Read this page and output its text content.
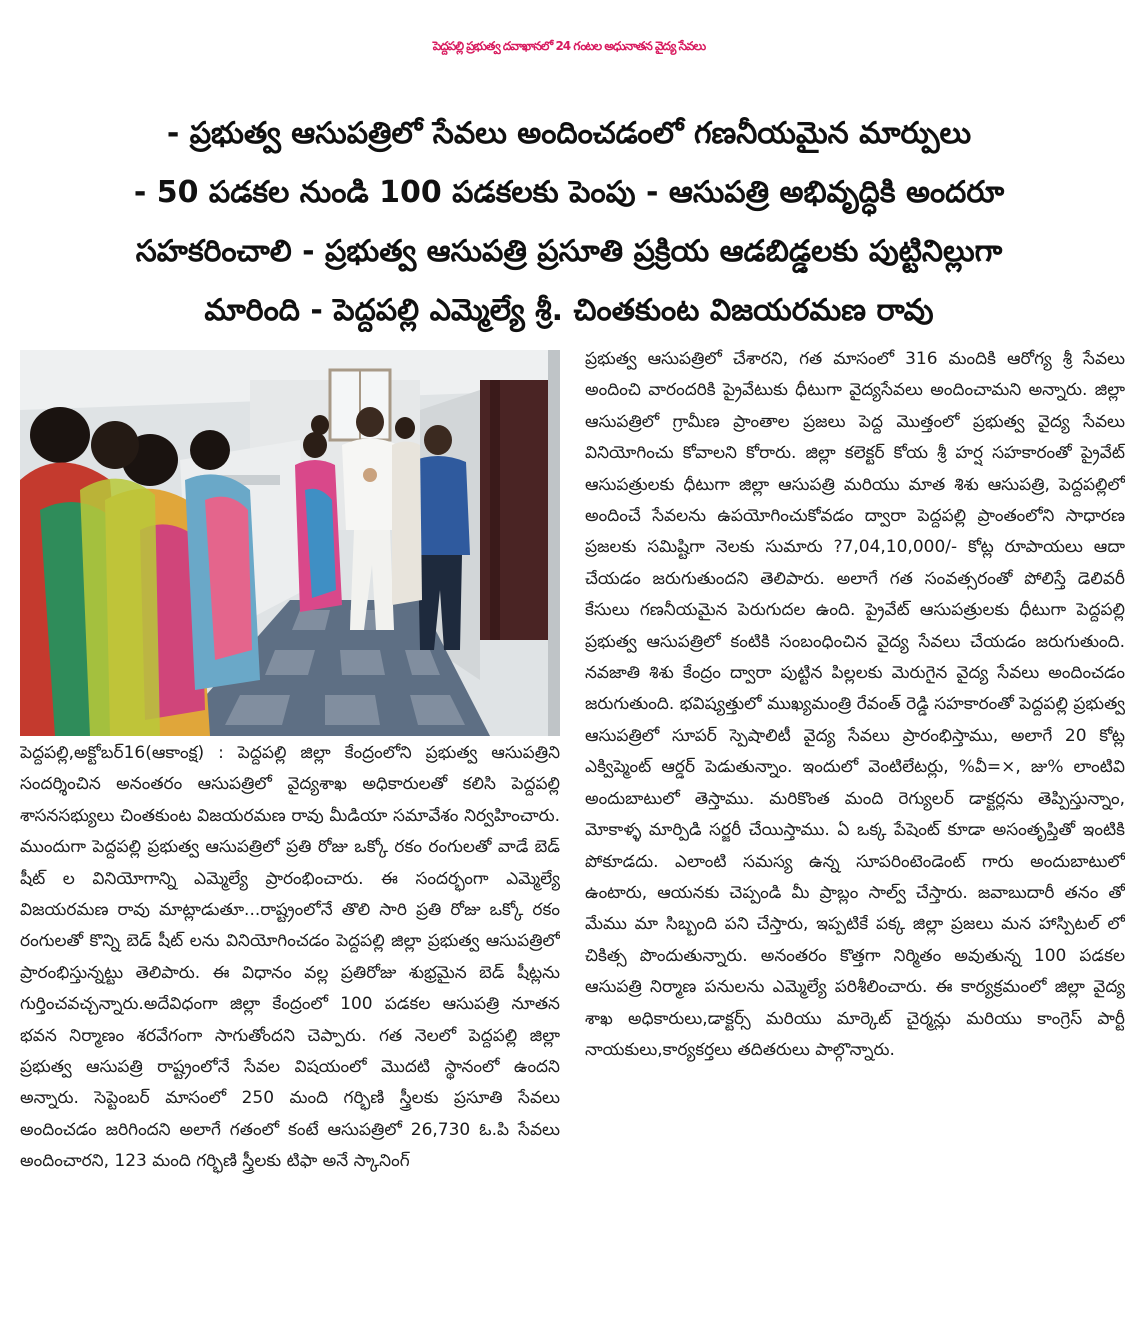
పెద్దపల్లి ప్రభుత్వ దవాఖానలో 24 గంటల అధునాతన వైద్య సేవలు
- ప్రభుత్వ ఆసుపత్రిలో సేవలు అందించడంలో గణనీయమైన మార్పులు
- 50 పడకల నుండి 100 పడకలకు పెంపు - ఆసుపత్రి అభివృద్ధికి అందరూ
సహకరించాలి - ప్రభుత్వ ఆసుపత్రి ప్రసూతి ప్రక్రియ ఆడబిడ్డలకు పుట్టినిల్లుగా
మారింది - పెద్దపల్లి ఎమ్మెల్యే శ్రీ. చింతకుంట విజయరమణ రావు

పెద్దపల్లి,అక్టోబర్16(ఆకాంక్ష) : పెద్దపల్లి జిల్లా కేంద్రంలోని ప్రభుత్వ ఆసుపత్రిని సందర్శించిన అనంతరం ఆసుపత్రిలో వైద్యశాఖ అధికారులతో కలిసి పెద్దపల్లి శాసనసభ్యులు చింతకుంట విజయరమణ రావు మీడియా సమావేశం నిర్వహించారు. ముందుగా పెద్దపల్లి ప్రభుత్వ ఆసుపత్రిలో ప్రతి రోజు ఒక్కో రకం రంగులతో వాడే బెడ్ షీట్ ల వినియోగాన్ని ఎమ్మెల్యే ప్రారంభించారు. ఈ సందర్భంగా ఎమ్మెల్యే విజయరమణ రావు మాట్లాడుతూ...రాష్ట్రంలోనే తొలి సారి ప్రతి రోజు ఒక్కో రకం రంగులతో కొన్ని బెడ్ షీట్ లను వినియోగించడం పెద్దపల్లి జిల్లా ప్రభుత్వ ఆసుపత్రిలో ప్రారంభిస్తున్నట్టు తెలిపారు. ఈ విధానం వల్ల ప్రతిరోజు శుభ్రమైన బెడ్ షీట్లను గుర్తించవచ్చన్నారు.అదేవిధంగా జిల్లా కేంద్రంలో 100 పడకల ఆసుపత్రి నూతన భవన నిర్మాణం శరవేగంగా సాగుతోందని చెప్పారు. గత నెలలో పెద్దపల్లి జిల్లా ప్రభుత్వ ఆసుపత్రి రాష్ట్రంలోనే సేవల విషయంలో మొదటి స్థానంలో ఉందని అన్నారు. సెప్టెంబర్ మాసంలో 250 మంది గర్భిణి స్త్రీలకు ప్రసూతి సేవలు అందించడం జరిగిందని అలాగే గతంలో కంటే ఆసుపత్రిలో 26,730 ఓ.పి సేవలు అందించారని, 123 మంది గర్భిణి స్త్రీలకు టిఫా అనే స్కానింగ్

ప్రభుత్వ ఆసుపత్రిలో చేశారని, గత మాసంలో 316 మందికి ఆరోగ్య శ్రీ సేవలు అందించి వారందరికి ప్రైవేటుకు ధీటుగా వైద్యసేవలు అందించామని అన్నారు. జిల్లా ఆసుపత్రిలో గ్రామీణ ప్రాంతాల ప్రజలు పెద్ద మొత్తంలో ప్రభుత్వ వైద్య సేవలు వినియోగించు కోవాలని కోరారు. జిల్లా కలెక్టర్ కోయ శ్రీ హర్ష సహకారంతో ప్రైవేట్ ఆసుపత్రులకు ధీటుగా జిల్లా ఆసుపత్రి మరియు మాత శిశు ఆసుపత్రి, పెద్దపల్లిలో అందించే సేవలను ఉపయోగించుకోవడం ద్వారా పెద్దపల్లి ప్రాంతంలోని సాధారణ ప్రజలకు సమిష్టిగా నెలకు సుమారు ?7,04,10,000/- కోట్ల రూపాయలు ఆదా చేయడం జరుగుతుందని తెలిపారు. అలాగే గత సంవత్సరంతో పోలిస్తే డెలివరీ కేసులు గణనీయమైన పెరుగుదల ఉంది. ప్రైవేట్ ఆసుపత్రులకు ధీటుగా పెద్దపల్లి ప్రభుత్వ ఆసుపత్రిలో కంటికి సంబంధించిన వైద్య సేవలు చేయడం జరుగుతుంది. నవజాతి శిశు కేంద్రం ద్వారా పుట్టిన పిల్లలకు మెరుగైన వైద్య సేవలు అందించడం జరుగుతుంది. భవిష్యత్తులో ముఖ్యమంత్రి రేవంత్ రెడ్డి సహకారంతో పెద్దపల్లి ప్రభుత్వ ఆసుపత్రిలో సూపర్ స్పెషాలిటీ వైద్య సేవలు ప్రారంభిస్తాము, అలాగే 20 కోట్ల ఎక్విప్మెంట్ ఆర్డర్ పెడుతున్నాం. ఇందులో వెంటిలేటర్లు, %వీ=×, జు% లాంటివి అందుబాటులో తెస్తాము. మరికొంత మంది రెగ్యులర్ డాక్టర్లను తెప్పిస్తున్నాం, మోకాళ్ళ మార్పిడి సర్జరీ చేయిస్తాము. ఏ ఒక్క పేషెంట్ కూడా అసంతృప్తితో ఇంటికి పోకూడదు. ఎలాంటి సమస్య ఉన్న సూపరింటెండెంట్ గారు అందుబాటులో ఉంటారు, ఆయనకు చెప్పండి మీ ప్రాబ్లం సాల్వ్ చేస్తారు. జవాబుదారీ తనం తో మేము మా సిబ్బంది పని చేస్తారు, ఇప్పటికే పక్క జిల్లా ప్రజలు మన హాస్పిటల్ లో చికిత్స పొందుతున్నారు. అనంతరం కొత్తగా నిర్మితం అవుతున్న 100 పడకల ఆసుపత్రి నిర్మాణ పనులను ఎమ్మెల్యే పరిశీలించారు. ఈ కార్యక్రమంలో జిల్లా వైద్య శాఖ అధికారులు,డాక్టర్స్ మరియు మార్కెట్ చైర్మన్లు మరియు కాంగ్రెస్ పార్టీ నాయకులు,కార్యకర్తలు తదితరులు పాల్గొన్నారు.
